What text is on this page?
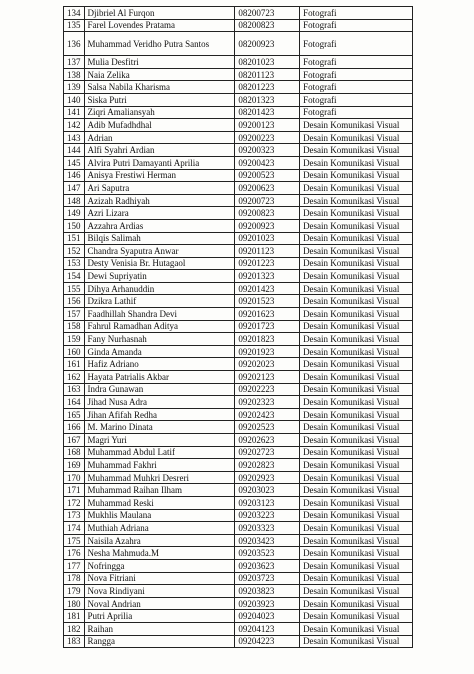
134	Djibriel Al Furqon	08200723	Fotografi
135	Farel Lovendes Pratama	08200823	Fotografi
136	Muhammad Veridho Putra Santos	08200923	Fotografi
137	Mulia Desfitri	08201023	Fotografi
138	Naia Zelika	08201123	Fotografi
139	Salsa Nabila Kharisma	08201223	Fotografi
140	Siska Putri	08201323	Fotografi
141	Ziqri Amaliansyah	08201423	Fotografi
142	Adib Mufadhdhal	09200123	Desain Komunikasi Visual
143	Adrian	09200223	Desain Komunikasi Visual
144	Alfi Syahri Ardian	09200323	Desain Komunikasi Visual
145	Alvira Putri Damayanti Aprilia	09200423	Desain Komunikasi Visual
146	Anisya Frestiwi Herman	09200523	Desain Komunikasi Visual
147	Ari Saputra	09200623	Desain Komunikasi Visual
148	Azizah Radhiyah	09200723	Desain Komunikasi Visual
149	Azri Lizara	09200823	Desain Komunikasi Visual
150	Azzahra Ardias	09200923	Desain Komunikasi Visual
151	Bilqis Salimah	09201023	Desain Komunikasi Visual
152	Chandra Syaputra Anwar	09201123	Desain Komunikasi Visual
153	Desty Venisia Br. Hutagaol	09201223	Desain Komunikasi Visual
154	Dewi Supriyatin	09201323	Desain Komunikasi Visual
155	Dihya Arhanuddin	09201423	Desain Komunikasi Visual
156	Dzikra Lathif	09201523	Desain Komunikasi Visual
157	Faadhillah Shandra Devi	09201623	Desain Komunikasi Visual
158	Fahrul Ramadhan Aditya	09201723	Desain Komunikasi Visual
159	Fany Nurhasnah	09201823	Desain Komunikasi Visual
160	Ginda Amanda	09201923	Desain Komunikasi Visual
161	Hafiz Adriano	09202023	Desain Komunikasi Visual
162	Hayata Patrialis Akbar	09202123	Desain Komunikasi Visual
163	Indra Gunawan	09202223	Desain Komunikasi Visual
164	Jihad Nusa Adra	09202323	Desain Komunikasi Visual
165	Jihan Afifah Redha	09202423	Desain Komunikasi Visual
166	M. Marino Dinata	09202523	Desain Komunikasi Visual
167	Magri Yuri	09202623	Desain Komunikasi Visual
168	Muhammad Abdul Latif	09202723	Desain Komunikasi Visual
169	Muhammad Fakhri	09202823	Desain Komunikasi Visual
170	Muhammad Muhkri Desreri	09202923	Desain Komunikasi Visual
171	Muhammad Raihan Ilham	09203023	Desain Komunikasi Visual
172	Muhammad Reski	09203123	Desain Komunikasi Visual
173	Mukhlis Maulana	09203223	Desain Komunikasi Visual
174	Muthiah Adriana	09203323	Desain Komunikasi Visual
175	Naisila Azahra	09203423	Desain Komunikasi Visual
176	Nesha Mahmuda.M	09203523	Desain Komunikasi Visual
177	Nofringga	09203623	Desain Komunikasi Visual
178	Nova Fitriani	09203723	Desain Komunikasi Visual
179	Nova Rindiyani	09203823	Desain Komunikasi Visual
180	Noval Andrian	09203923	Desain Komunikasi Visual
181	Putri Aprilia	09204023	Desain Komunikasi Visual
182	Raihan	09204123	Desain Komunikasi Visual
183	Rangga	09204223	Desain Komunikasi Visual
